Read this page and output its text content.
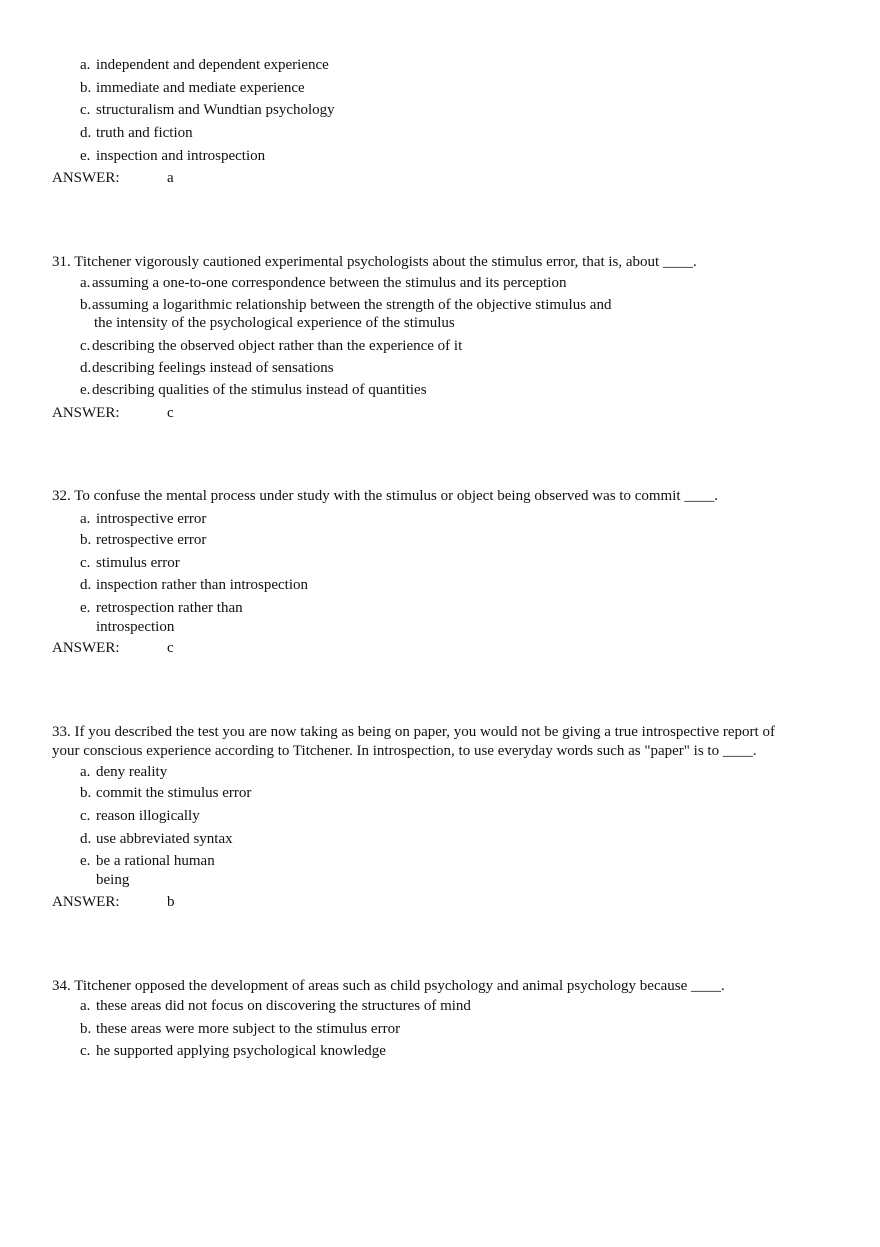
a. independent and dependent experience
b. immediate and mediate experience
c. structuralism and Wundtian psychology
d. truth and fiction
e. inspection and introspection
ANSWER:	a
31. Titchener vigorously cautioned experimental psychologists about the stimulus error, that is, about ____.
a. assuming a one-to-one correspondence between the stimulus and its perception
b. assuming a logarithmic relationship between the strength of the objective stimulus and
the intensity of the psychological experience of the stimulus
c. describing the observed object rather than the experience of it
d. describing feelings instead of sensations
e. describing qualities of the stimulus instead of quantities
ANSWER:	c
32. To confuse the mental process under study with the stimulus or object being observed was to commit ____.
a. introspective error
b. retrospective error
c. stimulus error
d. inspection rather than introspection
e. retrospection rather than
introspection
ANSWER:	c
33. If you described the test you are now taking as being on paper, you would not be giving a true introspective report of
your conscious experience according to Titchener. In introspection, to use everyday words such as "paper" is to ____.
a. deny reality
b. commit the stimulus error
c. reason illogically
d. use abbreviated syntax
e. be a rational human
being
ANSWER:	b
34. Titchener opposed the development of areas such as child psychology and animal psychology because ____.
a. these areas did not focus on discovering the structures of mind
b. these areas were more subject to the stimulus error
c. he supported applying psychological knowledge
